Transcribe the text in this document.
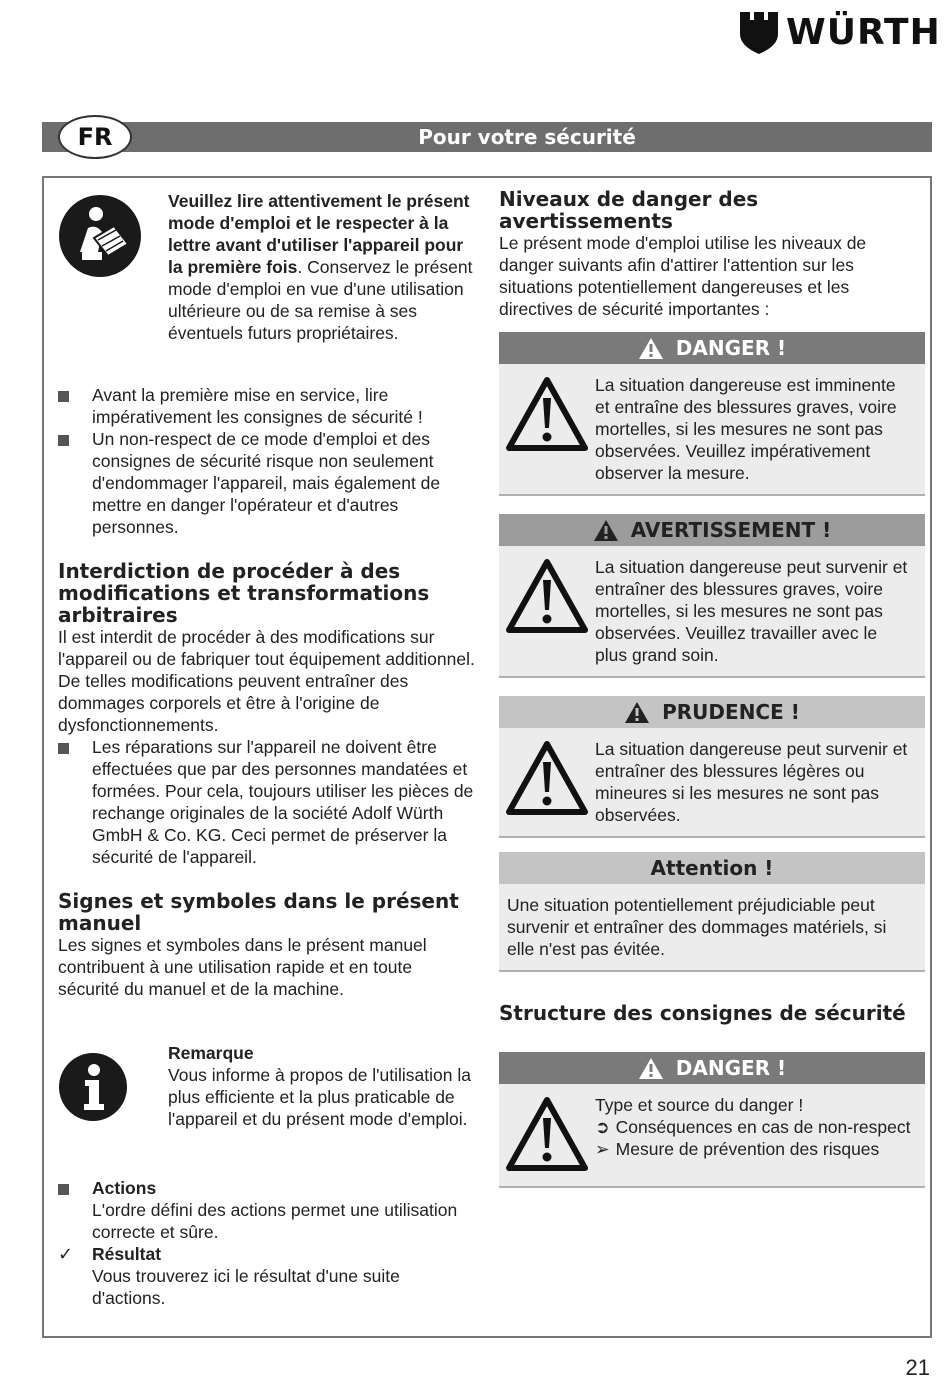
WÜRTH
Pour votre sécurité
FR
Veuillez lire attentivement le présent mode d'emploi et le respecter à la lettre avant d'utiliser l'appareil pour la première fois. Conservez le présent mode d'emploi en vue d'une utilisation ultérieure ou de sa remise à ses éventuels futurs propriétaires.
Avant la première mise en service, lire impérativement les consignes de sécurité !
Un non-respect de ce mode d'emploi et des consignes de sécurité risque non seulement d'endommager l'appareil, mais également de mettre en danger l'opérateur et d'autres personnes.
Interdiction de procéder à des modifications et transformations arbitraires

Il est interdit de procéder à des modifications sur l'appareil ou de fabriquer tout équipement additionnel. De telles modifications peuvent entraîner des dommages corporels et être à l'origine de dysfonctionnements.

Les réparations sur l'appareil ne doivent être effectuées que par des personnes mandatées et formées. Pour cela, toujours utiliser les pièces de rechange originales de la société Adolf Würth GmbH & Co. KG. Ceci permet de préserver la sécurité de l'appareil.
Signes et symboles dans le présent manuel

Les signes et symboles dans le présent manuel contribuent à une utilisation rapide et en toute sécurité du manuel et de la machine.

Remarque
Vous informe à propos de l'utilisation la plus efficiente et la plus praticable de l'appareil et du présent mode d'emploi.
Actions
L'ordre défini des actions permet une utilisation correcte et sûre.
✓ Résultat
Vous trouverez ici le résultat d'une suite d'actions.
Niveaux de danger des avertissements

Le présent mode d'emploi utilise les niveaux de danger suivants afin d'attirer l'attention sur les situations potentiellement dangereuses et les directives de sécurité importantes :

DANGER !
La situation dangereuse est imminente et entraîne des blessures graves, voire mortelles, si les mesures ne sont pas observées. Veuillez impérativement observer la mesure.
AVERTISSEMENT !
La situation dangereuse peut survenir et entraîner des blessures graves, voire mortelles, si les mesures ne sont pas observées. Veuillez travailler avec le plus grand soin.
PRUDENCE !
La situation dangereuse peut survenir et entraîner des blessures légères ou mineures si les mesures ne sont pas observées.
Attention !
Une situation potentiellement préjudiciable peut survenir et entraîner des dommages matériels, si elle n'est pas évitée.
Structure des consignes de sécurité
DANGER !
Type et source du danger !
➲ Conséquences en cas de non-respect
➢ Mesure de prévention des risques
21
